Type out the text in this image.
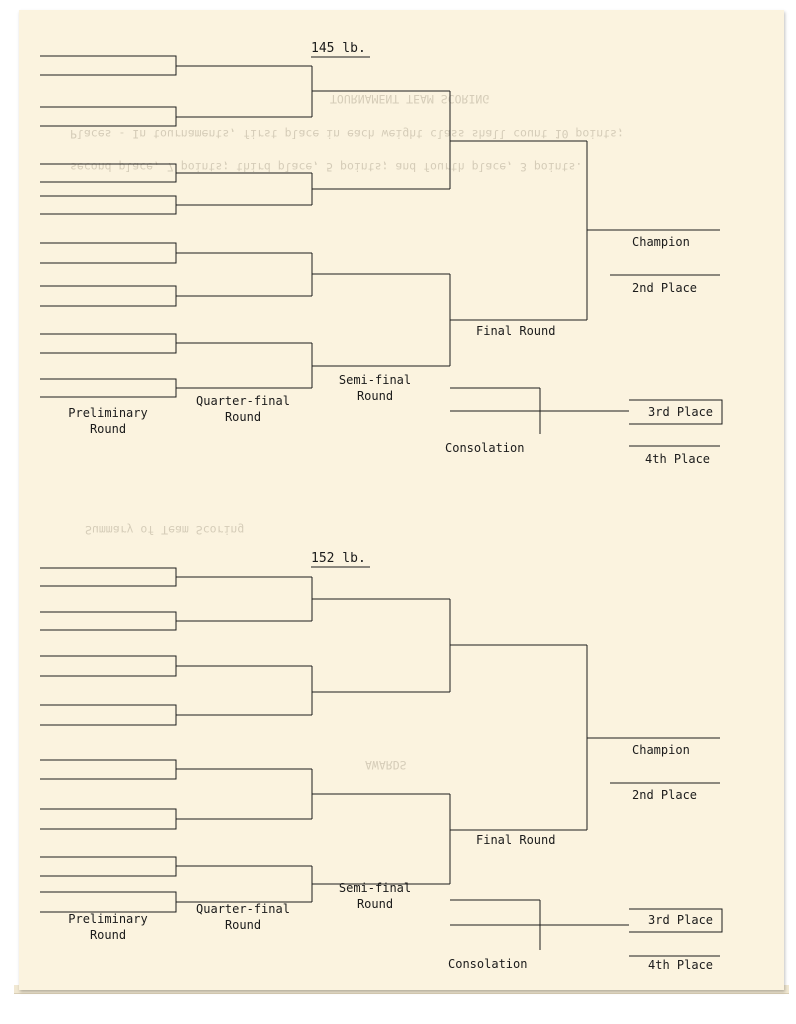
TOURNAMENT TEAM SCORING
Places - In tournaments, first place in each weight class shall count 10 points;
second place, 7 points; third place, 5 points; and fourth place, 3 points.
Summary of Team Scoring
AWARDS
145 lb.
Preliminary Round
Quarter-final Round
Semi-final Round
Final Round
Consolation
Champion
2nd Place
3rd Place
4th Place
152 lb.
Preliminary Round
Quarter-final Round
Semi-final Round
Final Round
Consolation
Champion
2nd Place
3rd Place
4th Place
